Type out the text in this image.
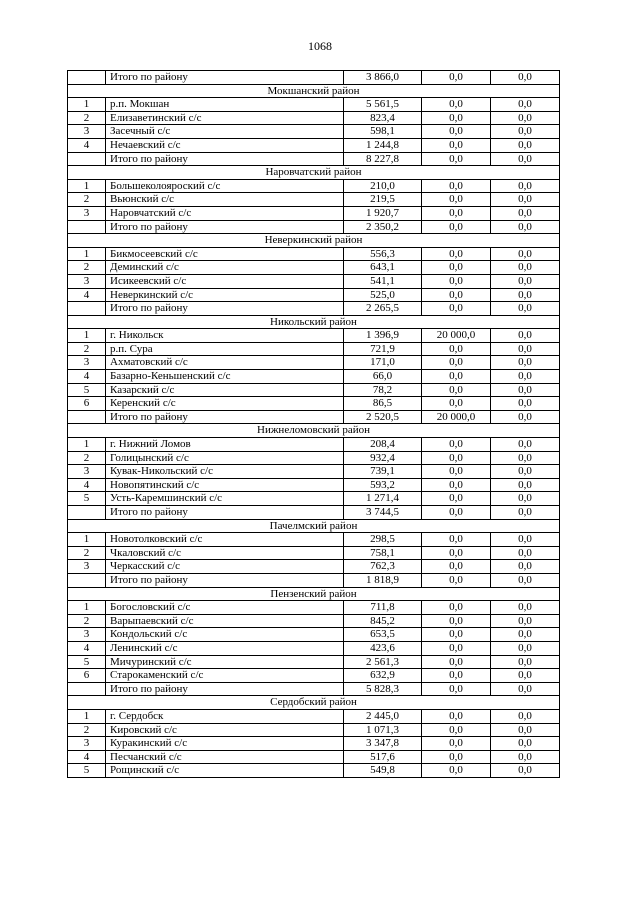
1068
	Итого по району	3 866,0	0,0	0,0
Мокшанский район				
1	р.п. Мокшан	5 561,5	0,0	0,0
2	Елизаветинский с/с	823,4	0,0	0,0
3	Засечный с/с	598,1	0,0	0,0
4	Нечаевский с/с	1 244,8	0,0	0,0
	Итого по району	8 227,8	0,0	0,0
Наровчатский район				
1	Большеколояроский с/с	210,0	0,0	0,0
2	Вьюнский с/с	219,5	0,0	0,0
3	Наровчатский с/с	1 920,7	0,0	0,0
	Итого по району	2 350,2	0,0	0,0
Неверкинский район				
1	Бикмосеевский с/с	556,3	0,0	0,0
2	Деминский с/с	643,1	0,0	0,0
3	Исикеевский с/с	541,1	0,0	0,0
4	Неверкинский с/с	525,0	0,0	0,0
	Итого по району	2 265,5	0,0	0,0
Никольский район				
1	г. Никольск	1 396,9	20 000,0	0,0
2	р.п. Сура	721,9	0,0	0,0
3	Ахматовский с/с	171,0	0,0	0,0
4	Базарно-Кеньшенский с/с	66,0	0,0	0,0
5	Казарский с/с	78,2	0,0	0,0
6	Керенский с/с	86,5	0,0	0,0
	Итого по району	2 520,5	20 000,0	0,0
Нижнеломовский район				
1	г. Нижний Ломов	208,4	0,0	0,0
2	Голицынский с/с	932,4	0,0	0,0
3	Кувак-Никольский с/с	739,1	0,0	0,0
4	Новопятинский с/с	593,2	0,0	0,0
5	Усть-Каремшинский с/с	1 271,4	0,0	0,0
	Итого по району	3 744,5	0,0	0,0
Пачелмский район				
1	Новотолковский с/с	298,5	0,0	0,0
2	Чкаловский с/с	758,1	0,0	0,0
3	Черкасский с/с	762,3	0,0	0,0
	Итого по району	1 818,9	0,0	0,0
Пензенский район				
1	Богословский с/с	711,8	0,0	0,0
2	Варыпаевский с/с	845,2	0,0	0,0
3	Кондольский с/с	653,5	0,0	0,0
4	Ленинский с/с	423,6	0,0	0,0
5	Мичуринский с/с	2 561,3	0,0	0,0
6	Старокаменский с/с	632,9	0,0	0,0
	Итого по району	5 828,3	0,0	0,0
Сердобский район				
1	г. Сердобск	2 445,0	0,0	0,0
2	Кировский с/с	1 071,3	0,0	0,0
3	Куракинский с/с	3 347,8	0,0	0,0
4	Песчанский с/с	517,6	0,0	0,0
5	Рощинский с/с	549,8	0,0	0,0
